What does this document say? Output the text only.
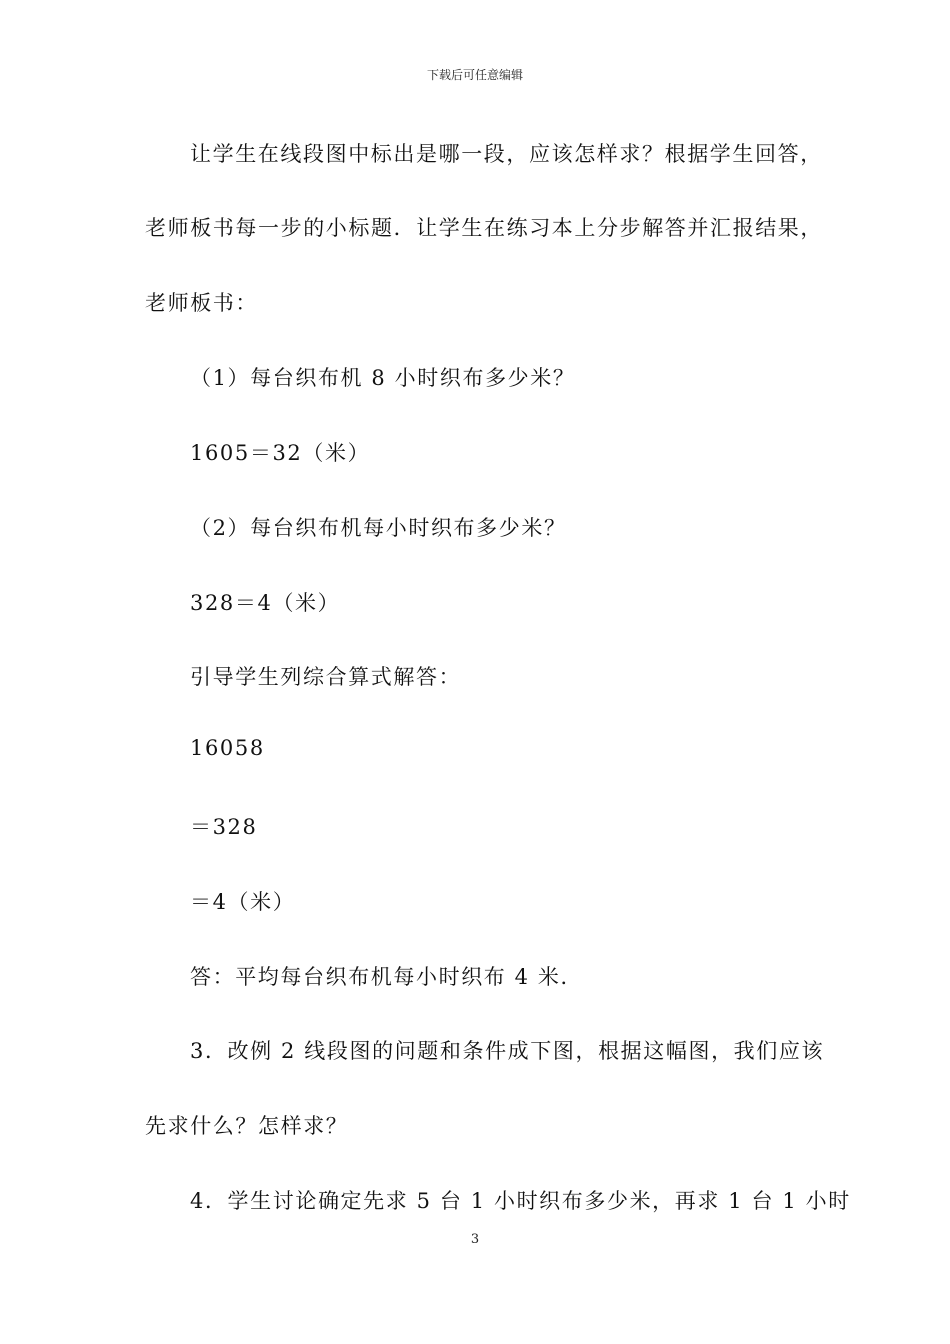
下载后可任意编辑
让学生在线段图中标出是哪一段，应该怎样求？根据学生回答，
老师板书每一步的小标题．让学生在练习本上分步解答并汇报结果，
老师板书：
（1）每台织布机 8 小时织布多少米？
1605＝32（米）
（2）每台织布机每小时织布多少米？
328＝4（米）
引导学生列综合算式解答：
16058
＝328
＝4（米）
答：平均每台织布机每小时织布 4 米．
3．改例 2 线段图的问题和条件成下图，根据这幅图，我们应该
先求什么？怎样求？
4．学生讨论确定先求 5 台 1 小时织布多少米，再求 1 台 1 小时
3
